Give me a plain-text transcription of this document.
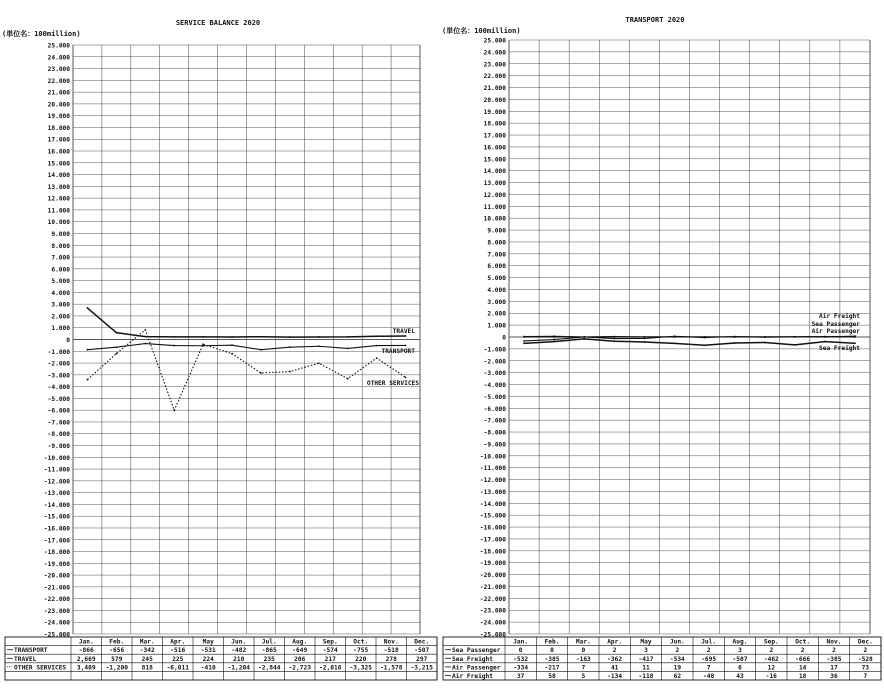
SERVICE BALANCE 2020
(単位名：100million)
25.000
24.000
23.000
22.000
21.000
20.000
19.000
18.000
17.000
16.000
15.000
14.000
13.000
12.000
11.000
10.000
9.000
8.000
7.000
6.000
5.000
4.000
3.000
2.000
1.000
0
-1.000
-2.000
-3.000
-4.000
-5.000
-6.000
-7.000
-8.000
-9.000
-10.000
-11.000
-12.000
-13.000
-14.000
-15.000
-16.000
-17.000
-18.000
-19.000
-20.000
-21.000
-22.000
-23.000
-24.000
-25.000
TRANSPORT
TRAVEL
OTHER SERVICES
Jan.	Feb.	Mar.	Apr.	May	Jun.	Jul.	Aug.	Sep.	Oct.	Nov.	Dec.
TRANSPORT	-866	-656	-342	-516	-531	-482	-865	-649	-574	-755	-518	-507
TRAVEL	2,669	579	245	225	224	210	235	206	217	220	278	297
OTHER SERVICES 3,409 -1,200 818 -6,011 -410 -1,204 -2,844 -2,723 -2,016 -3,325 -1,578 -3,215
TRANSPORT 2020
(単位名：100million)
25.000
24.000
23.000
22.000
21.000
20.000
19.000
18.000
17.000
16.000
15.000
14.000
13.000
12.000
11.000
10.000
9.000
8.000
7.000
6.000
5.000
4.000
3.000
2.000
1.000
0
-1.000
-2.000
-3.000
-4.000
-5.000
-6.000
-7.000
-8.000
-9.000
-10.000
-11.000
-12.000
-13.000
-14.000
-15.000
-16.000
-17.000
-18.000
-19.000
-20.000
-21.000
-22.000
-23.000
-24.000
-25.000
Sea Passenger
Sea Freight
Air Passenger
Air Freight
Jan.	Feb.	Mar.	Apr.	May	Jun.	Jul.	Aug.	Sep.	Oct.	Nov.	Dec.
Sea Passenger	0	0	0	2	3	2	2	3	2	2	2	2
Sea Freight	-532	-385	-163	-362	-417	-534	-695	-507	-462	-666	-385	-528
Air Passenger -334	-217	7	41	11	19	7	6	12	14	17	73
Air Freight	37	58	5	-134	-118	62	-48	43	-16	18	36	7
